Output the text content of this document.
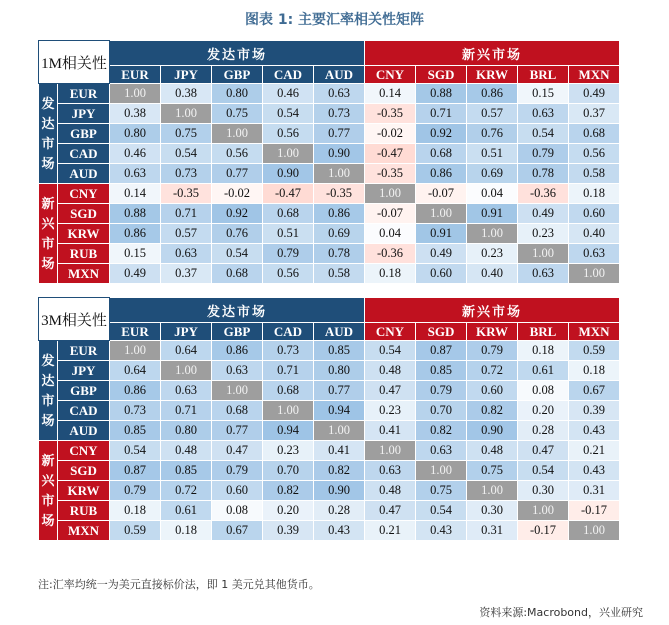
图表 1: 主要汇率相关性矩阵
1M相关性		发达市场					新兴市场				
		EUR	JPY	GBP	CAD	AUD	CNY	SGD	KRW	BRL	MXN
发达市场	EUR	1.00	0.38	0.80	0.46	0.63	0.14	0.88	0.86	0.15	0.49
	JPY	0.38	1.00	0.75	0.54	0.73	-0.35	0.71	0.57	0.63	0.37
	GBP	0.80	0.75	1.00	0.56	0.77	-0.02	0.92	0.76	0.54	0.68
	CAD	0.46	0.54	0.56	1.00	0.90	-0.47	0.68	0.51	0.79	0.56
	AUD	0.63	0.73	0.77	0.90	1.00	-0.35	0.86	0.69	0.78	0.58
新兴市场	CNY	0.14	-0.35	-0.02	-0.47	-0.35	1.00	-0.07	0.04	-0.36	0.18
	SGD	0.88	0.71	0.92	0.68	0.86	-0.07	1.00	0.91	0.49	0.60
	KRW	0.86	0.57	0.76	0.51	0.69	0.04	0.91	1.00	0.23	0.40
	RUB	0.15	0.63	0.54	0.79	0.78	-0.36	0.49	0.23	1.00	0.63
	MXN	0.49	0.37	0.68	0.56	0.58	0.18	0.60	0.40	0.63	1.00
3M相关性		发达市场					新兴市场				
		EUR	JPY	GBP	CAD	AUD	CNY	SGD	KRW	BRL	MXN
发达市场	EUR	1.00	0.64	0.86	0.73	0.85	0.54	0.87	0.79	0.18	0.59
	JPY	0.64	1.00	0.63	0.71	0.80	0.48	0.85	0.72	0.61	0.18
	GBP	0.86	0.63	1.00	0.68	0.77	0.47	0.79	0.60	0.08	0.67
	CAD	0.73	0.71	0.68	1.00	0.94	0.23	0.70	0.82	0.20	0.39
	AUD	0.85	0.80	0.77	0.94	1.00	0.41	0.82	0.90	0.28	0.43
新兴市场	CNY	0.54	0.48	0.47	0.23	0.41	1.00	0.63	0.48	0.47	0.21
	SGD	0.87	0.85	0.79	0.70	0.82	0.63	1.00	0.75	0.54	0.43
	KRW	0.79	0.72	0.60	0.82	0.90	0.48	0.75	1.00	0.30	0.31
	RUB	0.18	0.61	0.08	0.20	0.28	0.47	0.54	0.30	1.00	-0.17
	MXN	0.59	0.18	0.67	0.39	0.43	0.21	0.43	0.31	-0.17	1.00
注:汇率均统一为美元直接标价法，即 1 美元兑其他货币。
资料来源:Macrobond，兴业研究
